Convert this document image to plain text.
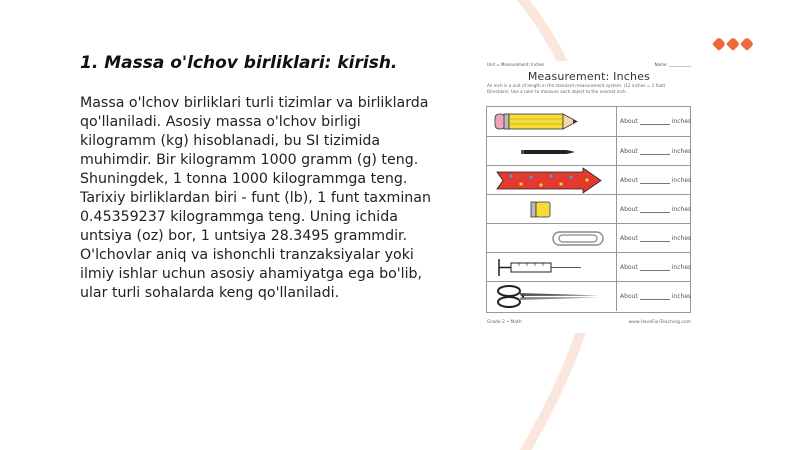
1. Massa o'lchov birliklari: kirish.

Massa o'lchov birliklari turli tizimlar va birliklarda qo'llaniladi. Asosiy massa o'lchov birligi kilogramm (kg) hisoblanadi, bu SI tizimida muhimdir. Bir kilogramm 1000 gramm (g) teng. Shuningdek, 1 tonna 1000 kilogrammga teng. Tarixiy birliklardan biri - funt (lb), 1 funt taxminan 0.45359237 kilogrammga teng. Uning ichida untsiya (oz) bor, 1 untsiya 28.3495 grammdir. O'lchovlar aniq va ishonchli tranzaksiyalar yoki ilmiy ishlar uchun asosiy ahamiyatga ega bo'lib, ular turli sohalarda keng qo'llaniladi.

Unit = Measurement: Inches	Name: ___________
Measurement: Inches
An inch is a unit of length in the standard measurement system. (12 inches = 1 foot)
Directions: Use a ruler to measure each object to the nearest inch.
About	inches
About	inches
About	inches
About	inches
About	inches
About	inches
About	inches
Grade 2 • Math	www.HaveFunTeaching.com
